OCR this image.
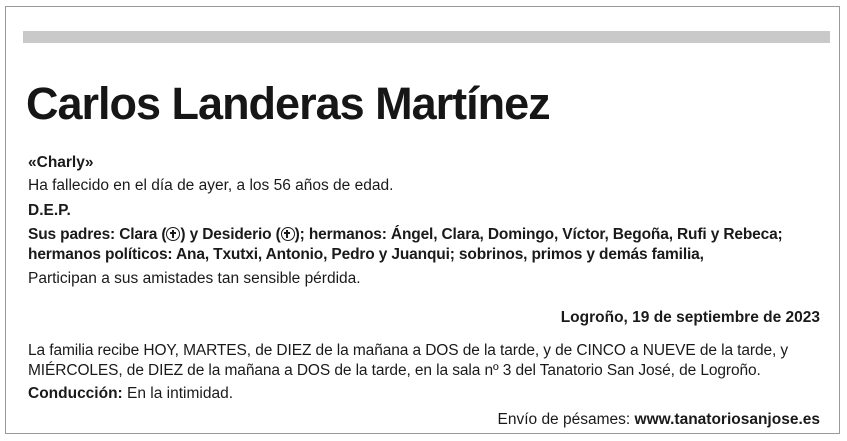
Carlos Landeras Martínez
«Charly»
Ha fallecido en el día de ayer, a los 56 años de edad.
D.E.P.
Sus padres: Clara ( ) y Desiderio ( ); hermanos: Ángel, Clara, Domingo, Víctor, Begoña, Rufi y Rebeca; hermanos políticos: Ana, Txutxi, Antonio, Pedro y Juanqui; sobrinos, primos y demás familia,
Participan a sus amistades tan sensible pérdida.
Logroño, 19 de septiembre de 2023
La familia recibe HOY, MARTES, de DIEZ de la mañana a DOS de la tarde, y de CINCO a NUEVE de la tarde, y MIÉRCOLES, de DIEZ de la mañana a DOS de la tarde, en la sala nº 3 del Tanatorio San José, de Logroño.
Conducción: En la intimidad.
Envío de pésames: www.tanatoriosanjose.es
